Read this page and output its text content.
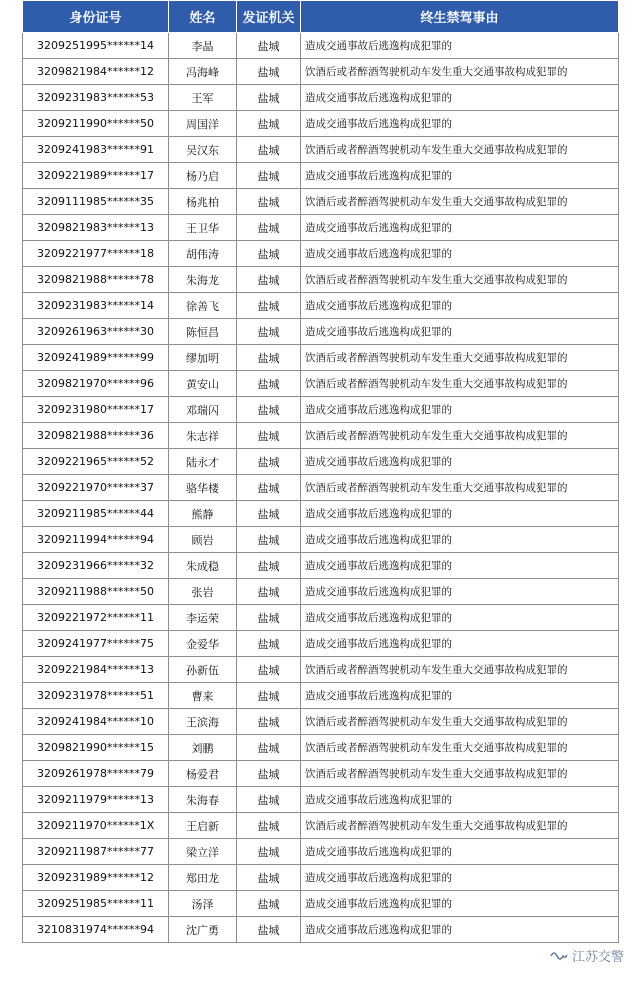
身份证号	姓名	发证机关	终生禁驾事由
3209251995******14	李晶	盐城	造成交通事故后逃逸构成犯罪的
3209821984******12	冯海峰	盐城	饮酒后或者醉酒驾驶机动车发生重大交通事故构成犯罪的
3209231983******53	王军	盐城	造成交通事故后逃逸构成犯罪的
3209211990******50	周国洋	盐城	造成交通事故后逃逸构成犯罪的
3209241983******91	吴汉东	盐城	饮酒后或者醉酒驾驶机动车发生重大交通事故构成犯罪的
3209221989******17	杨乃启	盐城	造成交通事故后逃逸构成犯罪的
3209111985******35	杨兆柏	盐城	饮酒后或者醉酒驾驶机动车发生重大交通事故构成犯罪的
3209821983******13	王卫华	盐城	造成交通事故后逃逸构成犯罪的
3209221977******18	胡伟涛	盐城	造成交通事故后逃逸构成犯罪的
3209821988******78	朱海龙	盐城	饮酒后或者醉酒驾驶机动车发生重大交通事故构成犯罪的
3209231983******14	徐善飞	盐城	造成交通事故后逃逸构成犯罪的
3209261963******30	陈恒昌	盐城	造成交通事故后逃逸构成犯罪的
3209241989******99	缪加明	盐城	饮酒后或者醉酒驾驶机动车发生重大交通事故构成犯罪的
3209821970******96	黄安山	盐城	饮酒后或者醉酒驾驶机动车发生重大交通事故构成犯罪的
3209231980******17	邓瑞闪	盐城	造成交通事故后逃逸构成犯罪的
3209821988******36	朱志祥	盐城	饮酒后或者醉酒驾驶机动车发生重大交通事故构成犯罪的
3209221965******52	陆永才	盐城	造成交通事故后逃逸构成犯罪的
3209221970******37	骆华楼	盐城	饮酒后或者醉酒驾驶机动车发生重大交通事故构成犯罪的
3209211985******44	熊静	盐城	造成交通事故后逃逸构成犯罪的
3209211994******94	顾岩	盐城	造成交通事故后逃逸构成犯罪的
3209231966******32	朱成稳	盐城	造成交通事故后逃逸构成犯罪的
3209211988******50	张岩	盐城	造成交通事故后逃逸构成犯罪的
3209221972******11	李运荣	盐城	造成交通事故后逃逸构成犯罪的
3209241977******75	金爱华	盐城	造成交通事故后逃逸构成犯罪的
3209221984******13	孙新伍	盐城	饮酒后或者醉酒驾驶机动车发生重大交通事故构成犯罪的
3209231978******51	曹来	盐城	造成交通事故后逃逸构成犯罪的
3209241984******10	王滨海	盐城	饮酒后或者醉酒驾驶机动车发生重大交通事故构成犯罪的
3209821990******15	刘鹏	盐城	饮酒后或者醉酒驾驶机动车发生重大交通事故构成犯罪的
3209261978******79	杨爱君	盐城	饮酒后或者醉酒驾驶机动车发生重大交通事故构成犯罪的
3209211979******13	朱海春	盐城	造成交通事故后逃逸构成犯罪的
3209211970******1X	王启新	盐城	饮酒后或者醉酒驾驶机动车发生重大交通事故构成犯罪的
3209211987******77	梁立洋	盐城	造成交通事故后逃逸构成犯罪的
3209231989******12	郑田龙	盐城	造成交通事故后逃逸构成犯罪的
3209251985******11	汤泽	盐城	造成交通事故后逃逸构成犯罪的
3210831974******94	沈广勇	盐城	造成交通事故后逃逸构成犯罪的
江苏交警
